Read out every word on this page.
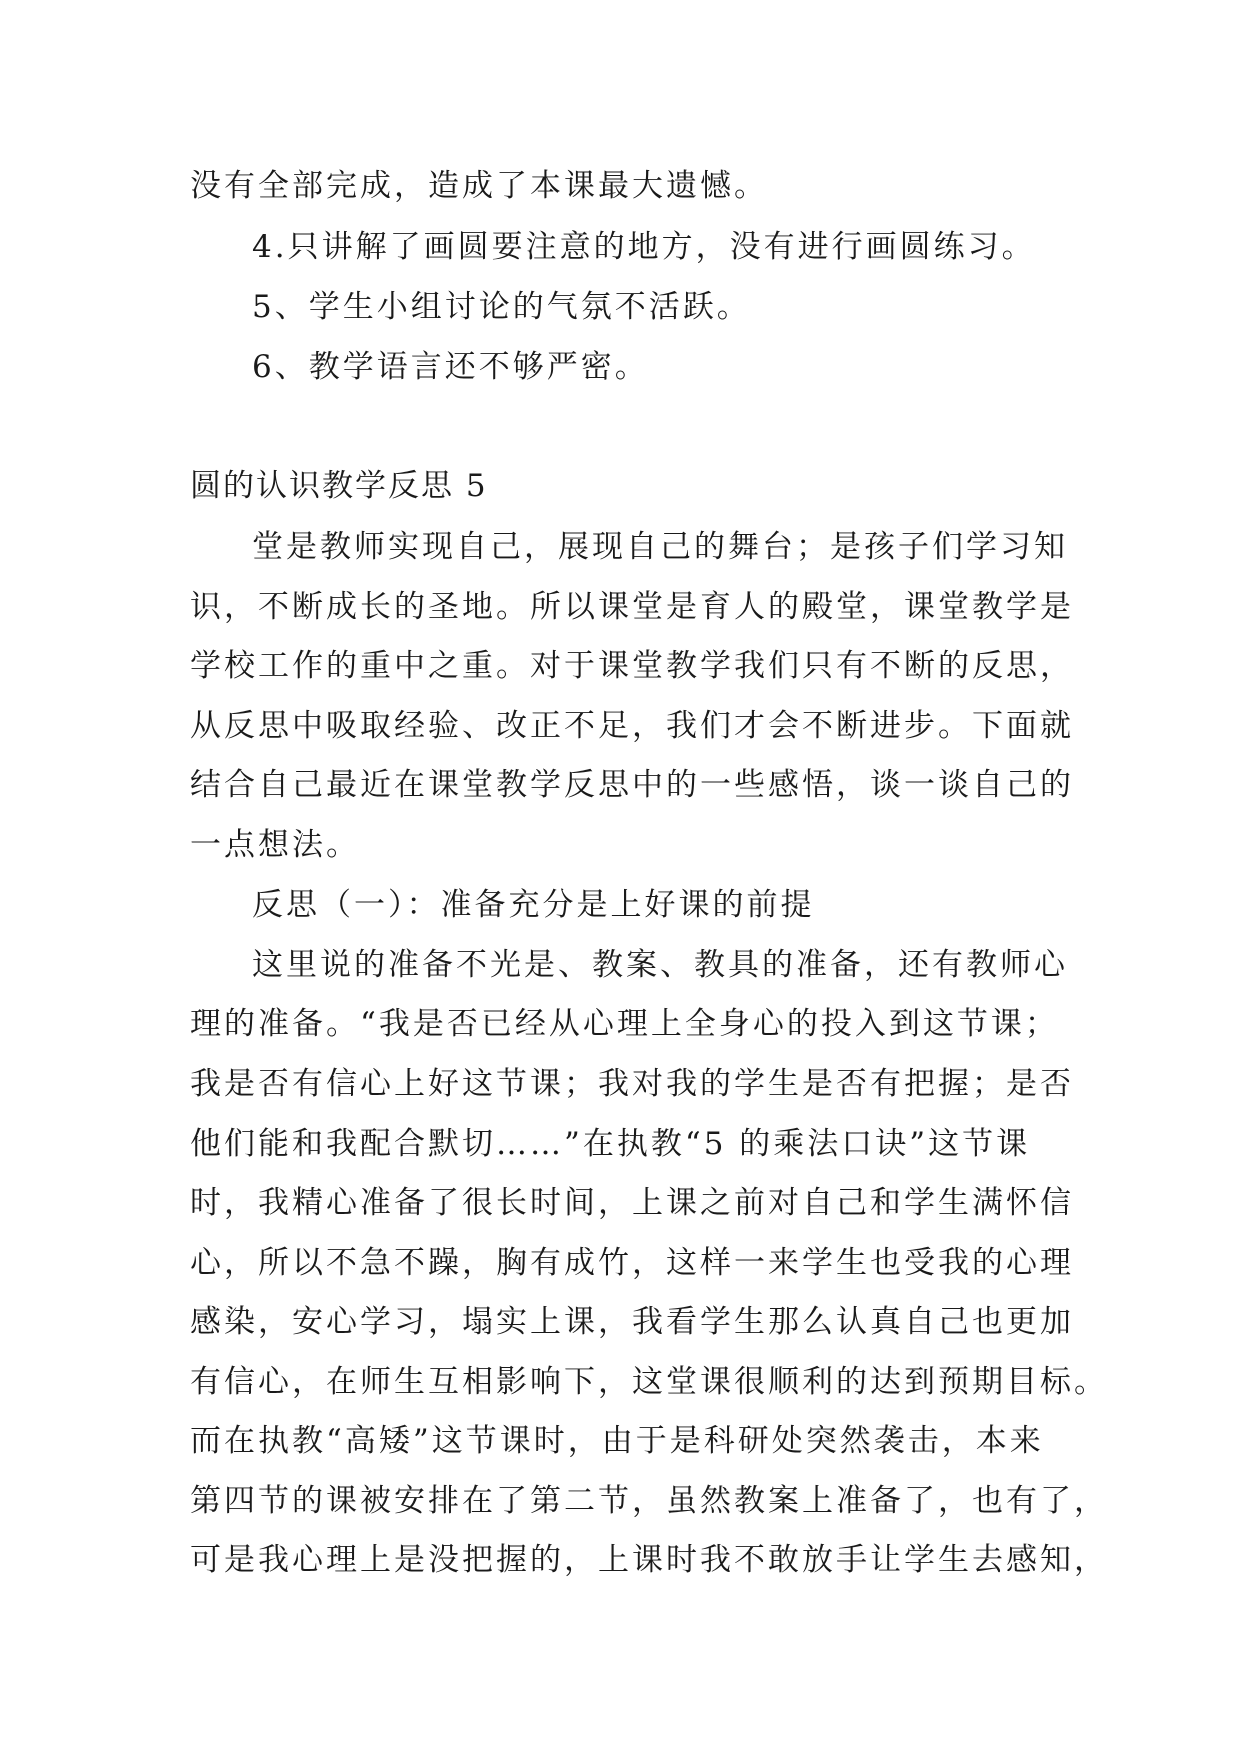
没有全部完成，造成了本课最大遗憾。
4.只讲解了画圆要注意的地方，没有进行画圆练习。
5、学生小组讨论的气氛不活跃。
6、教学语言还不够严密。
圆的认识教学反思 5
堂是教师实现自己，展现自己的舞台；是孩子们学习知
识，不断成长的圣地。所以课堂是育人的殿堂，课堂教学是
学校工作的重中之重。对于课堂教学我们只有不断的反思，
从反思中吸取经验、改正不足，我们才会不断进步。下面就
结合自己最近在课堂教学反思中的一些感悟，谈一谈自己的
一点想法。
反思（一）：准备充分是上好课的前提
这里说的准备不光是、教案、教具的准备，还有教师心
理的准备。“我是否已经从心理上全身心的投入到这节课；
我是否有信心上好这节课；我对我的学生是否有把握；是否
他们能和我配合默切……”在执教“5 的乘法口诀”这节课
时，我精心准备了很长时间，上课之前对自己和学生满怀信
心，所以不急不躁，胸有成竹，这样一来学生也受我的心理
感染，安心学习，塌实上课，我看学生那么认真自己也更加
有信心，在师生互相影响下，这堂课很顺利的达到预期目标。
而在执教“高矮”这节课时，由于是科研处突然袭击，本来
第四节的课被安排在了第二节，虽然教案上准备了，也有了，
可是我心理上是没把握的，上课时我不敢放手让学生去感知，
